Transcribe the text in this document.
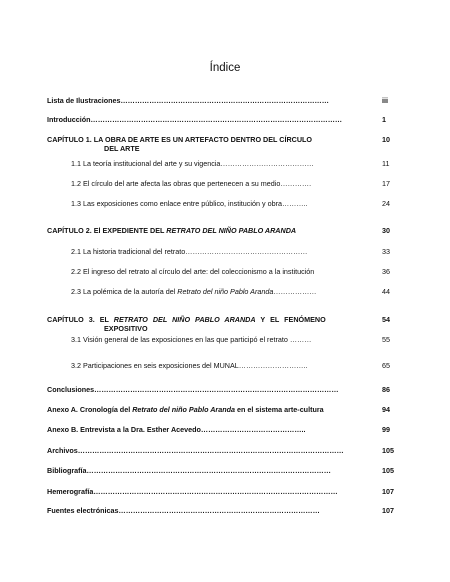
Índice
Lista de Ilustraciones……………………………………………………………………………	iii
Introducción……………………………………………………………………………………………	1
CAPÍTULO 1. LA OBRA DE ARTE ES UN ARTEFACTO DENTRO DEL CÍRCULO	10
DEL ARTE
1.1 La teoría institucional del arte y su vigencia…………………………………	11
1.2 El círculo del arte afecta las obras que pertenecen a su medio………….	17
1.3 Las exposiciones como enlace entre público, institución y obra………..	24
CAPÍTULO 2. El EXPEDIENTE DEL RETRATO DEL NIÑO PABLO ARANDA	30
2.1 La historia tradicional del retrato……………………………………………	33
2.2 El ingreso del retrato al círculo del arte: del coleccionismo a la institución	36
2.3 La polémica de la autoría del Retrato del niño Pablo Aranda………………	44
CAPÍTULO 3. EL RETRATO DEL NIÑO PABLO ARANDA Y EL FENÓMENO	54
EXPOSITIVO
3.1 Visión general de las exposiciones en las que participó el retrato ………	55
3.2 Participaciones en seis exposiciones del MUNAL………………………..	65
Conclusiones…………………………………………………………………………………………	86
Anexo A. Cronología del Retrato del niño Pablo Aranda en el sistema arte-cultura	94
Anexo B. Entrevista a la Dra. Esther Acevedo……………………………………..	99
Archivos…………………………………………………………………………………………………	105
Bibliografía…………………………………………………………………………………………	105
Hemerografía…………………………………………………………………………………………	107
Fuentes electrónicas…………………………………………………………………………	107
